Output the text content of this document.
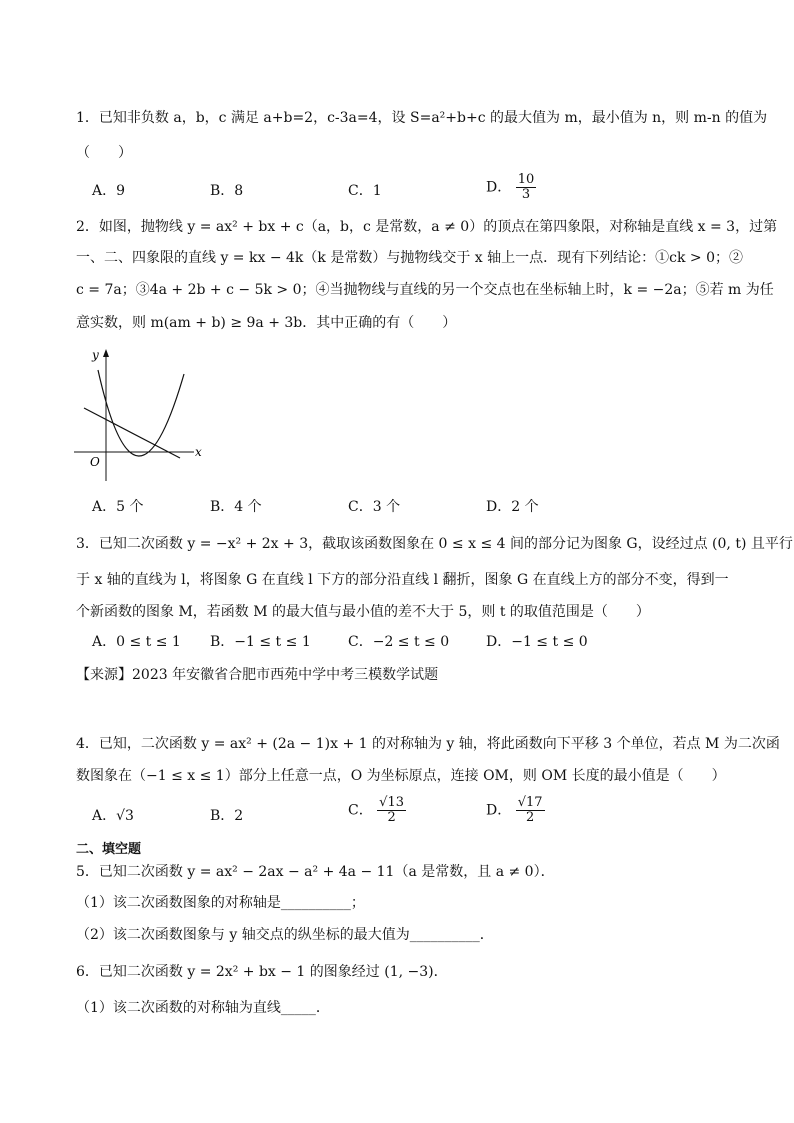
1．已知非负数 a，b，c 满足 a+b=2，c-3a=4，设 S=a²+b+c 的最大值为 m，最小值为 n，则 m-n 的值为
（　　）
A．9	B．8	C．1	D． $\frac{10}{3}$
2．如图，抛物线 y = ax² + bx + c（a，b，c 是常数，a ≠ 0）的顶点在第四象限，对称轴是直线 x = 3，过第
一、二、四象限的直线 y = kx − 4k（k 是常数）与抛物线交于 x 轴上一点．现有下列结论：①ck > 0；②
c = 7a；③4a + 2b + c − 5k > 0；④当抛物线与直线的另一个交点也在坐标轴上时，k = −2a；⑤若 m 为任
意实数，则 m(am + b) ≥ 9a + 3b．其中正确的有（　　）
y
x
O
A．5 个	B．4 个	C．3 个	D．2 个
3．已知二次函数 y = −x² + 2x + 3，截取该函数图象在 0 ≤ x ≤ 4 间的部分记为图象 G，设经过点 (0, t) 且平行
于 x 轴的直线为 l，将图象 G 在直线 l 下方的部分沿直线 l 翻折，图象 G 在直线上方的部分不变，得到一
个新函数的图象 M，若函数 M 的最大值与最小值的差不大于 5，则 t 的取值范围是（　　）
A．0 ≤ t ≤ 1 B．−1 ≤ t ≤ 1	C．−2 ≤ t ≤ 0	D．−1 ≤ t ≤ 0
【来源】2023 年安徽省合肥市西苑中学中考三模数学试题
4．已知，二次函数 y = ax² + (2a − 1)x + 1 的对称轴为 y 轴，将此函数向下平移 3 个单位，若点 M 为二次函
数图象在（−1 ≤ x ≤ 1）部分上任意一点，O 为坐标原点，连接 OM，则 OM 长度的最小值是（　　）
A．√3	B．2	C． $\frac{√13}{2}$	D． $\frac{√17}{2}$
二、填空题
5．已知二次函数 y = ax² − 2ax − a² + 4a − 11（a 是常数，且 a ≠ 0）．
（1）该二次函数图象的对称轴是__________；
（2）该二次函数图象与 y 轴交点的纵坐标的最大值为__________．
6．已知二次函数 y = 2x² + bx − 1 的图象经过 (1, −3)．
（1）该二次函数的对称轴为直线_____．
